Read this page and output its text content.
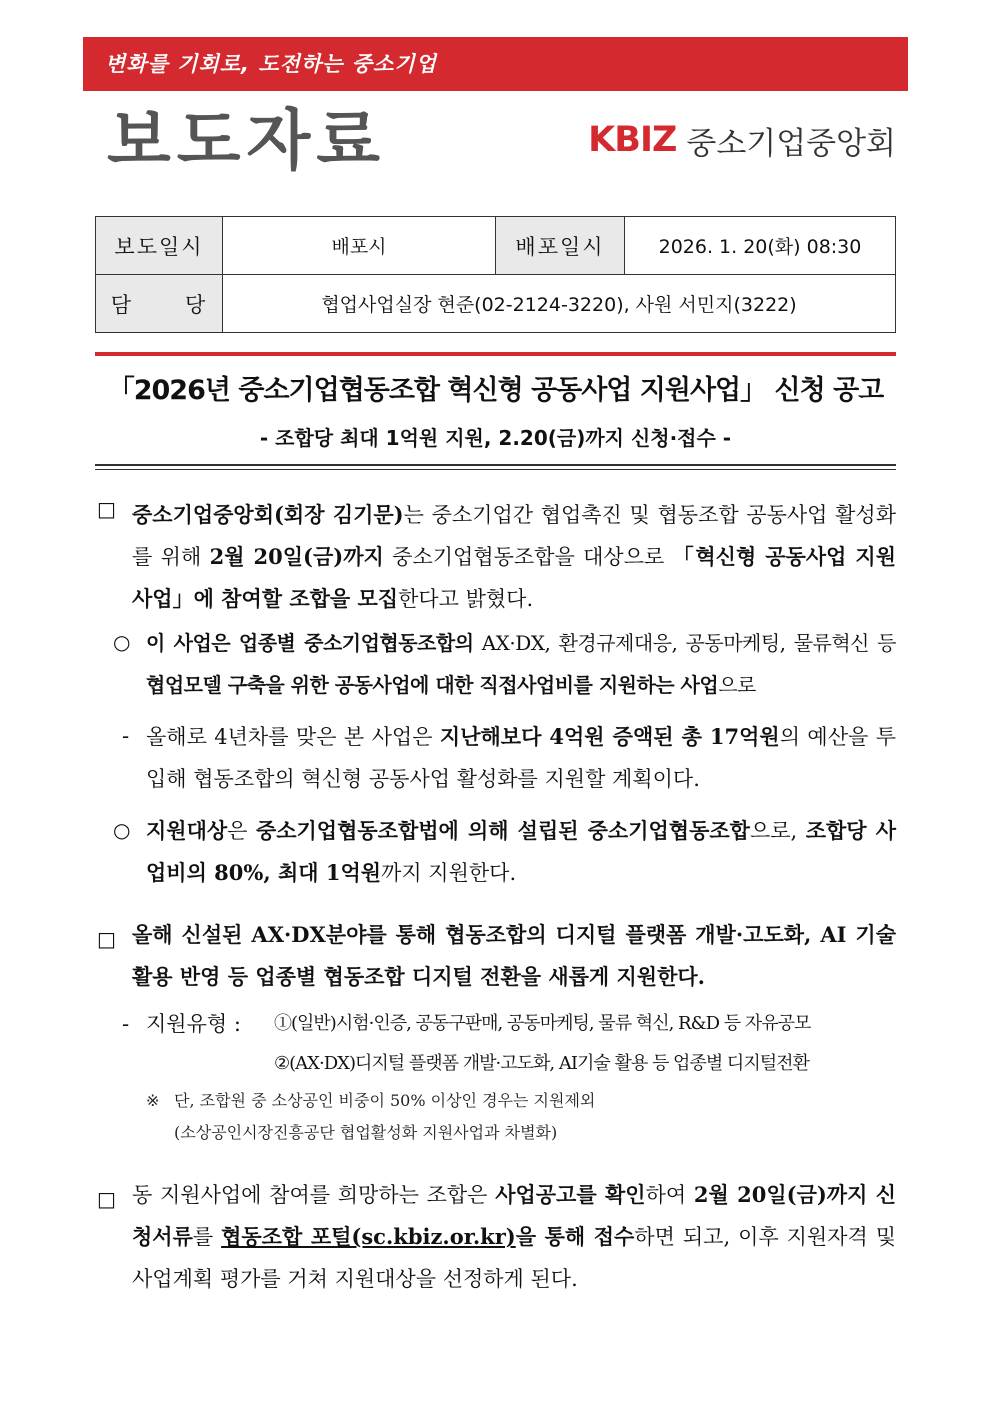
변화를 기회로, 도전하는 중소기업
보도자료	KBIZ 중소기업중앙회
보도일시	배포시	배포일시	2026. 1. 20(화) 08:30
담      당	협업사업실장 현준(02-2124-3220), 사원 서민지(3222)		
「2026년 중소기업협동조합 혁신형 공동사업 지원사업」 신청 공고
- 조합당 최대 1억원 지원, 2.20(금)까지 신청·접수 -
□ 중소기업중앙회(회장 김기문)는 중소기업간 협업촉진 및 협동조합 공동사업 활성화를 위해 2월 20일(금)까지 중소기업협동조합을 대상으로 「혁신형 공동사업 지원사업」에 참여할 조합을 모집한다고 밝혔다.
○ 이 사업은 업종별 중소기업협동조합의 AX·DX, 환경규제대응, 공동마케팅, 물류혁신 등 협업모델 구축을 위한 공동사업에 대한 직접사업비를 지원하는 사업으로
- 올해로 4년차를 맞은 본 사업은 지난해보다 4억원 증액된 총 17억원의 예산을 투입해 협동조합의 혁신형 공동사업 활성화를 지원할 계획이다.
○ 지원대상은 중소기업협동조합법에 의해 설립된 중소기업협동조합으로, 조합당 사업비의 80%, 최대 1억원까지 지원한다.
□ 올해 신설된 AX·DX분야를 통해 협동조합의 디지털 플랫폼 개발·고도화, AI 기술 활용 반영 등 업종별 협동조합 디지털 전환을 새롭게 지원한다.
- 지원유형 :	①(일반)시험·인증, 공동구판매, 공동마케팅, 물류 혁신, R&D 등 자유공모
②(AX·DX)디지털 플랫폼 개발·고도화, AI기술 활용 등 업종별 디지털전환
※ 단, 조합원 중 소상공인 비중이 50% 이상인 경우는 지원제외
(소상공인시장진흥공단 협업활성화 지원사업과 차별화)
□ 동 지원사업에 참여를 희망하는 조합은 사업공고를 확인하여 2월 20일(금)까지 신청서류를 협동조합 포털(sc.kbiz.or.kr)을 통해 접수하면 되고, 이후 지원자격 및 사업계획 평가를 거쳐 지원대상을 선정하게 된다.
